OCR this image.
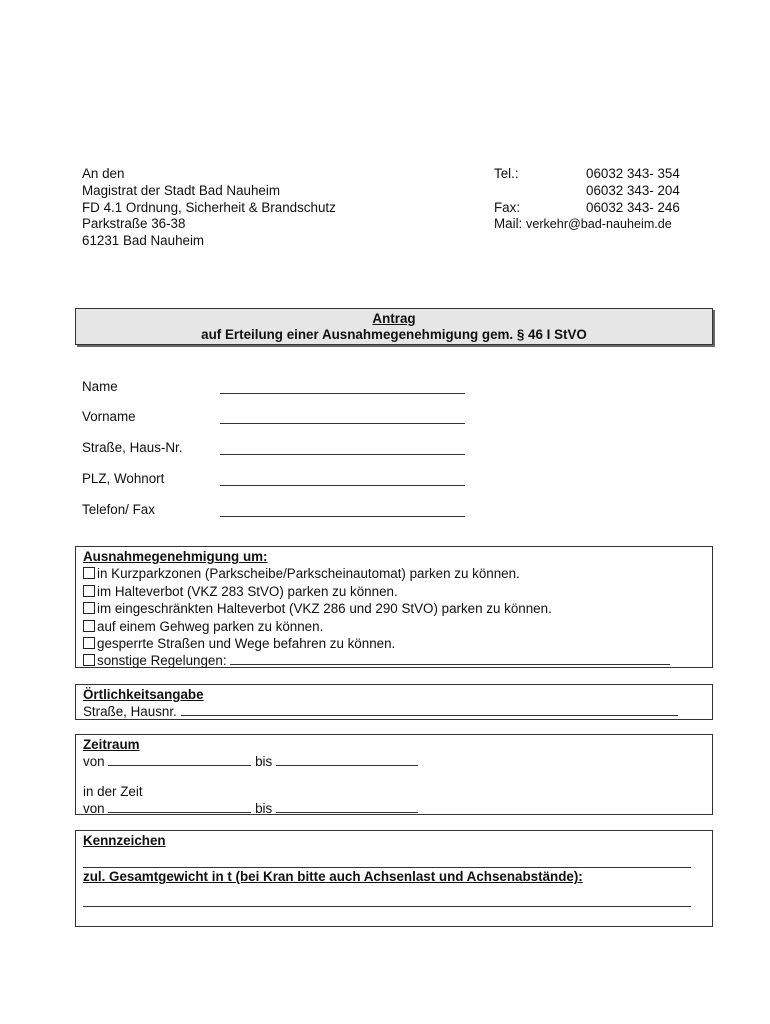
An den
Magistrat der Stadt Bad Nauheim
FD 4.1 Ordnung, Sicherheit & Brandschutz
Parkstraße 36-38
61231 Bad Nauheim
Tel.:	06032 343- 354
06032 343- 204
Fax:	06032 343- 246
Mail:
verkehr@bad-nauheim.de
Antrag
auf Erteilung einer Ausnahmegenehmigung gem. § 46 I StVO
Name
Vorname
Straße, Haus-Nr.
PLZ, Wohnort
Telefon/ Fax
Ausnahmegenehmigung um:
in Kurzparkzonen (Parkscheibe/Parkscheinautomat) parken zu können.
im Halteverbot (VKZ 283 StVO) parken zu können.
im eingeschränkten Halteverbot (VKZ 286 und 290 StVO) parken zu können.
auf einem Gehweg parken zu können.
gesperrte Straßen und Wege befahren zu können.
sonstige Regelungen:
Örtlichkeitsangabe
Straße, Hausnr.
Zeitraum
von	bis
in der Zeit
von	bis
Kennzeichen
zul. Gesamtgewicht in t (bei Kran bitte auch Achsenlast und Achsenabstände):
